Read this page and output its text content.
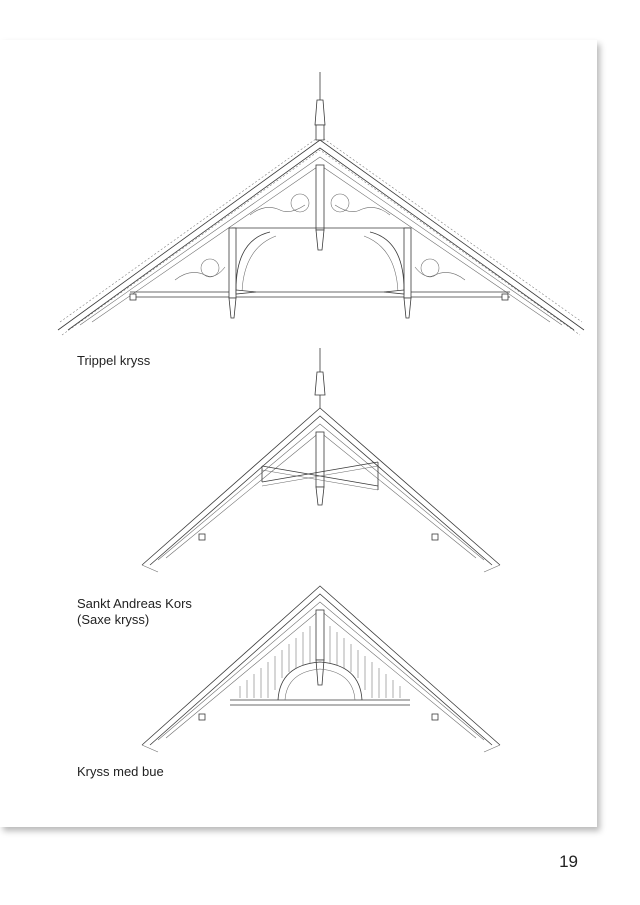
Trippel kryss

Sankt Andreas Kors
(Saxe kryss)

Kryss med bue

19
